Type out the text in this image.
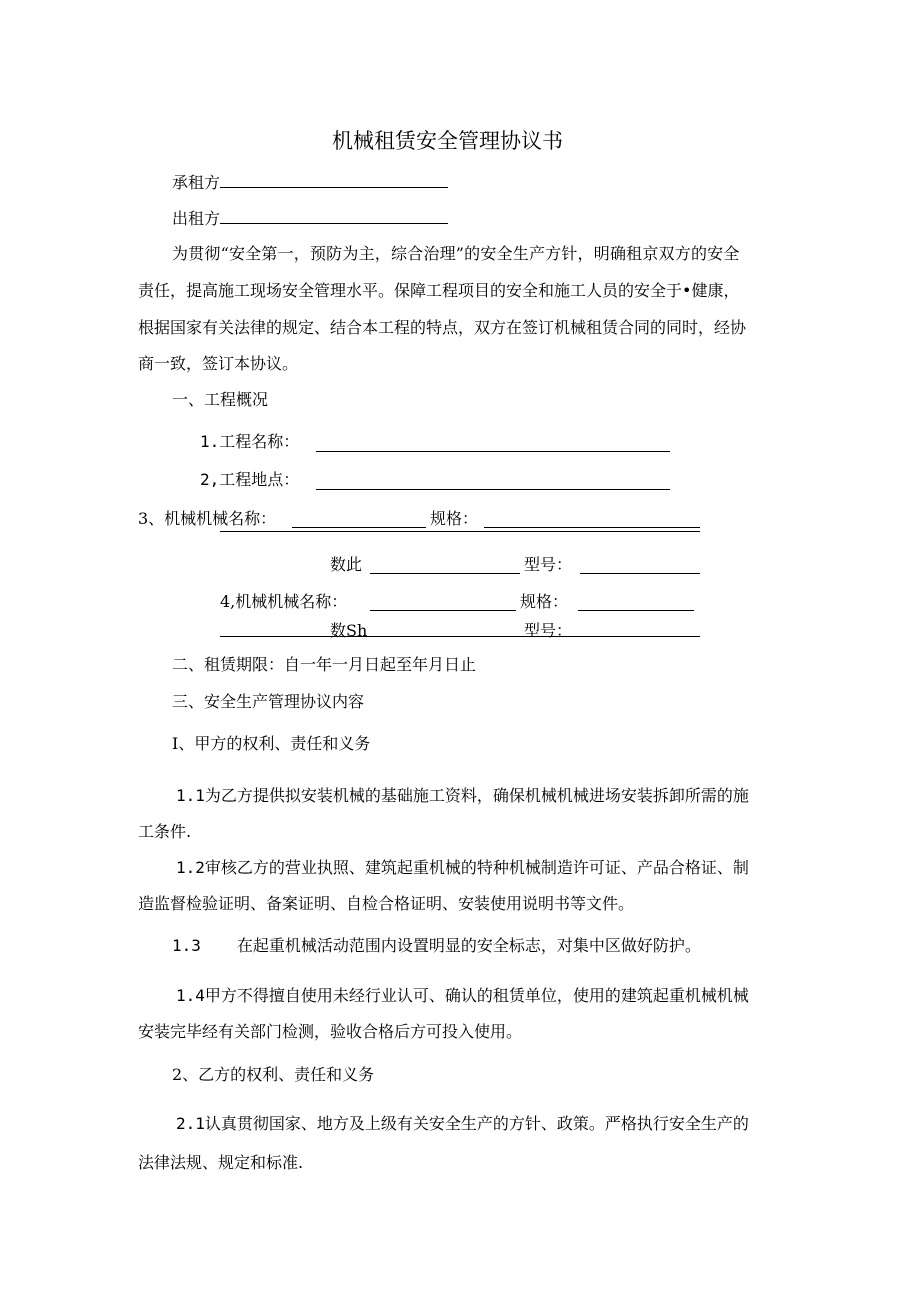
机械租赁安全管理协议书
承租方
出租方
为贯彻“安全第一，预防为主，综合治理”的安全生产方针，明确租京双方的安全
责任，提高施工现场安全管理水平。保障工程项目的安全和施工人员的安全于•健康，
根据国家有关法律的规定、结合本工程的特点，双方在签订机械租赁合同的同时，经协
商一致，签订本协议。
一、工程概况
1.工程名称：
2,工程地点：
3、机械机械名称：	规格：
数此	型号：
4,机械机械名称：	规格：
数Sh	型号：
二、租赁期限：自一年一月日起至年月日止
三、安全生产管理协议内容
I、甲方的权利、责任和义务
1.1为乙方提供拟安装机械的基础施工资料，确保机械机械进场安装拆卸所需的施
工条件.
1.2审核乙方的营业执照、建筑起重机械的特种机械制造许可证、产品合格证、制
造监督检验证明、备案证明、自检合格证明、安装使用说明书等文件。
1.3 在起重机械活动范围内设置明显的安全标志，对集中区做好防护。
1.4甲方不得擅自使用未经行业认可、确认的租赁单位，使用的建筑起重机械机械
安装完毕经有关部门检测，验收合格后方可投入使用。
2、乙方的权利、责任和义务
2.1认真贯彻国家、地方及上级有关安全生产的方针、政策。严格执行安全生产的
法律法规、规定和标准.
